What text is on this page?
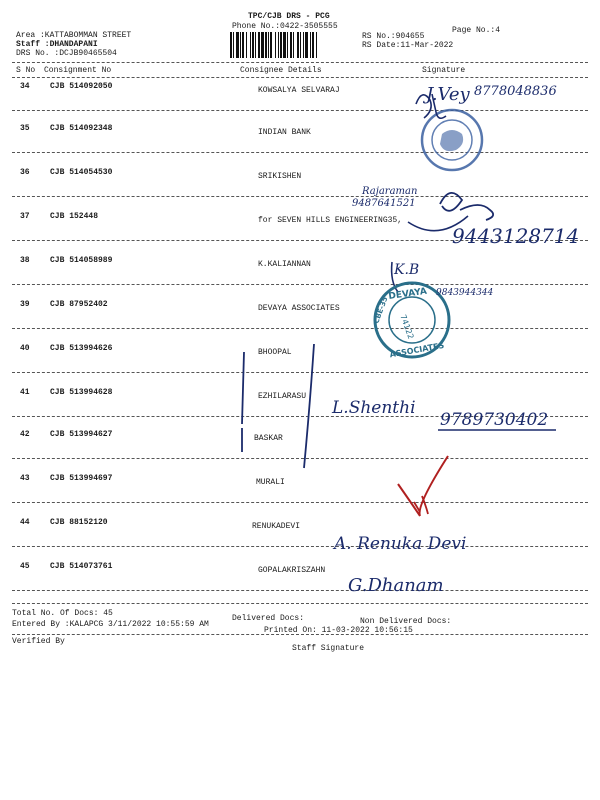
TPC/CJB DRS - PCG
Phone No.:0422-3505555	Page No.:4
Area :KATTABOMMAN STREET
Staff :DHANDAPANI
DRS No. :DCJB90465504
RS No.:904655
RS Date:11-Mar-2022
S No Consignment No	Consignee Details	Signature
34	CJB 514092050	KOWSALYA SELVARAJ
35	CJB 514092348	INDIAN BANK
36	CJB 514054530	SRIKISHEN
37	CJB 152448	for SEVEN HILLS ENGINEERING35,
38	CJB 514058989	K.KALIANNAN
39	CJB 87952402	DEVAYA ASSOCIATES
40	CJB 513994626	BHOOPAL
41	CJB 513994628	EZHILARASU
42	CJB 513994627	BASKAR
43	CJB 513994697	MURALI
44	CJB 88152120	RENUKADEVI
45	CJB 514073761	GOPALAKRISZAHN
DEVAYA
ASSOCIATES
CBE-35
74122
J.Vey 8778048836
Rajaraman
9487641521
9443128714
K.B
9843944344
L.Shenthi
9789730402
A. Renuka Devi
G.Dhanam
Total No. Of Docs: 45
Delivered Docs:	Non Delivered Docs:
Entered By :KALAPCG 3/11/2022 10:55:59 AM
Printed On: 11-03-2022 10:56:15
Verified By
Staff Signature
